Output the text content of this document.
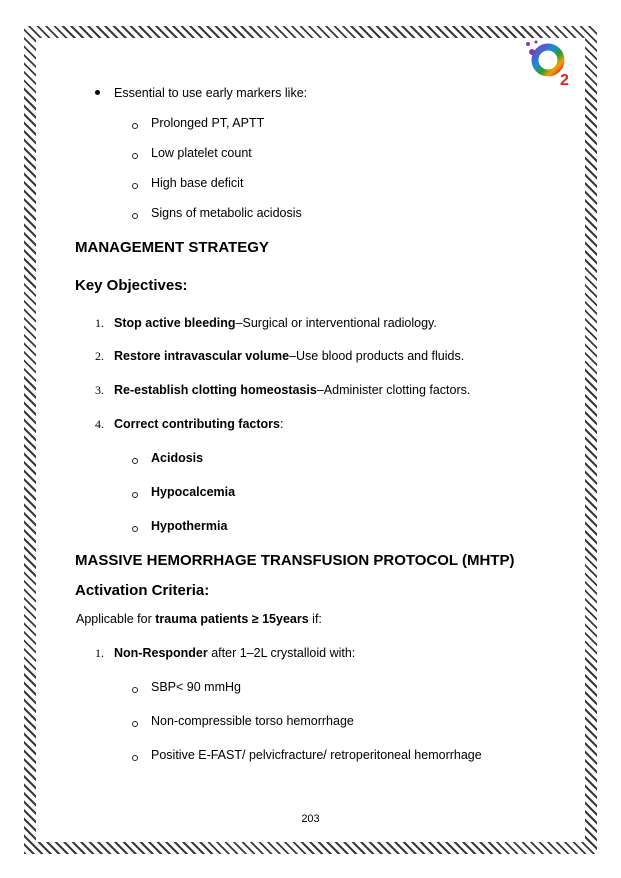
2
Essential to use early markers like:
Prolonged PT, APTT
Low platelet count
High base deficit
Signs of metabolic acidosis
MANAGEMENT STRATEGY
Key Objectives:
1. Stop active bleeding–Surgical or interventional radiology.
2. Restore intravascular volume–Use blood products and fluids.
3. Re-establish clotting homeostasis–Administer clotting factors.
4. Correct contributing factors:
Acidosis
Hypocalcemia
Hypothermia
MASSIVE HEMORRHAGE TRANSFUSION PROTOCOL (MHTP)
Activation Criteria:
Applicable for trauma patients ≥ 15years if:
1. Non-Responder after 1–2L crystalloid with:
SBP< 90 mmHg
Non-compressible torso hemorrhage
Positive E-FAST/ pelvicfracture/ retroperitoneal hemorrhage
203
